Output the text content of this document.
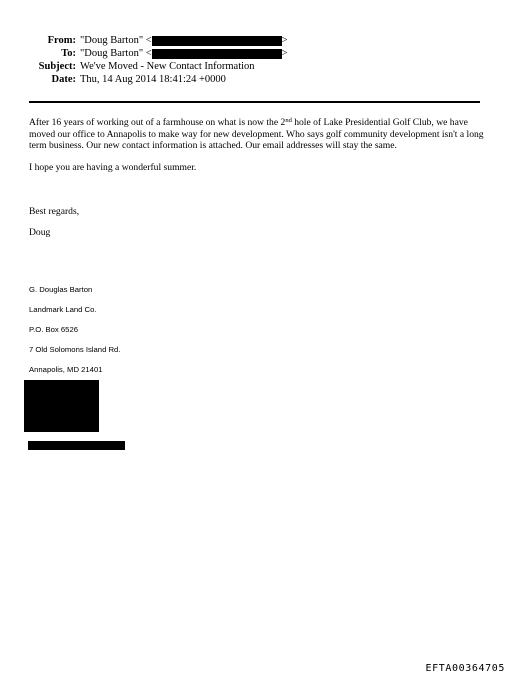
From: "Doug Barton" <	>
To: "Doug Barton" <	>
Subject: We've Moved - New Contact Information
Date: Thu, 14 Aug 2014 18:41:24 +0000
After 16 years of working out of a farmhouse on what is now the 2nd hole of Lake Presidential Golf Club, we have moved our office to Annapolis to make way for new development. Who says golf community development isn't a long term business. Our new contact information is attached. Our email addresses will stay the same.
I hope you are having a wonderful summer.
Best regards,
Doug
G. Douglas Barton
Landmark Land Co.
P.O. Box 6526
7 Old Solomons Island Rd.
Annapolis, MD 21401
EFTA00364705
